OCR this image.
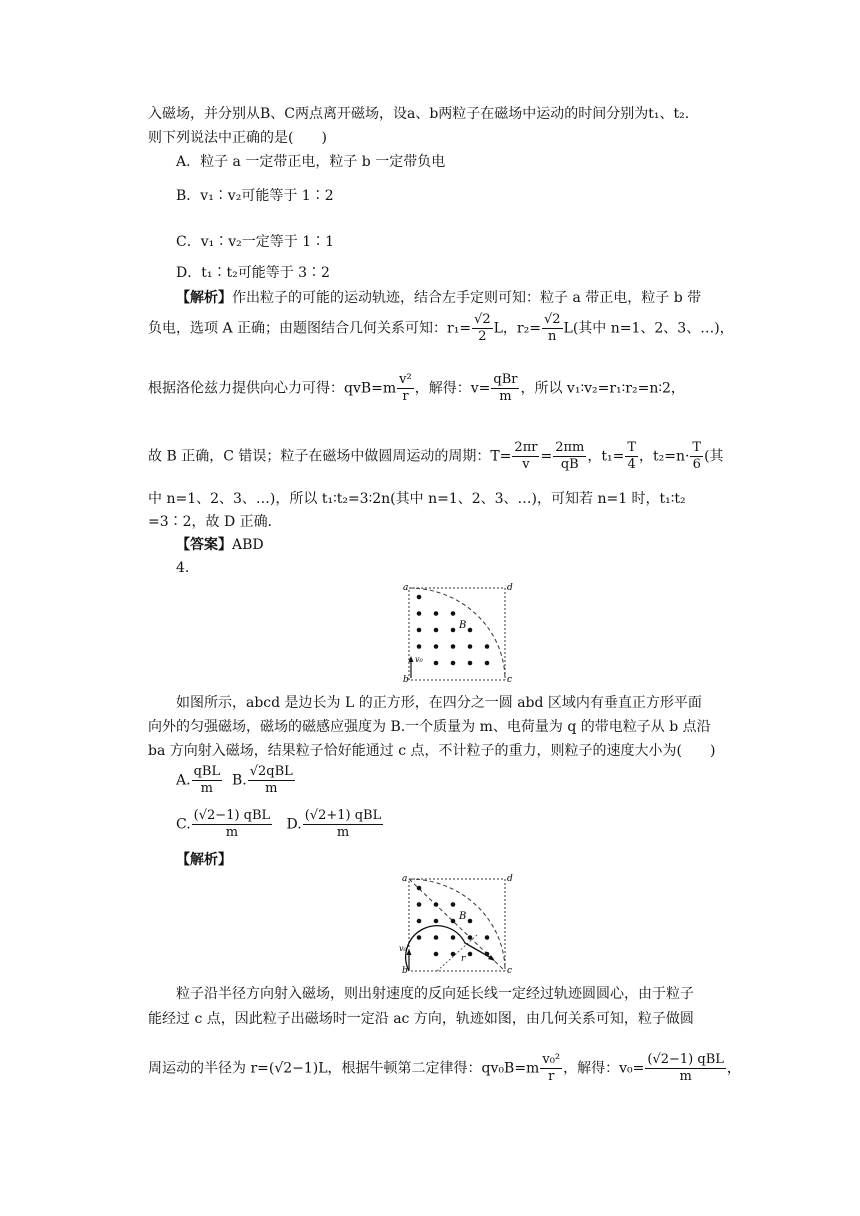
入磁场，并分别从B、C两点离开磁场，设a、b两粒子在磁场中运动的时间分别为t₁、t₂.
则下列说法中正确的是(　　)
A．粒子 a 一定带正电，粒子 b 一定带负电
B．v₁∶v₂可能等于 1∶2
C．v₁∶v₂一定等于 1∶1
D．t₁∶t₂可能等于 3∶2
【解析】作出粒子的可能的运动轨迹，结合左手定则可知：粒子 a 带正电，粒子 b 带
负电，选项 A 正确；由题图结合几何关系可知：$r_1= \frac{√2}{2}$ L，$r_2= \frac{√2}{n} L$(其中 n=1、2、3、…)，
根据洛伦兹力提供向心力可得：$qvB=m \frac{\text{v²}}{r}$ ，解得：$v= \frac{\text{qBr}}{m}$ ，所以 v₁∶v₂=r₁∶r₂=n∶2，
故 B 正确，C 错误；粒子在磁场中做圆周运动的周期：$T= \frac{2\pi r}{v} = \frac{2\pi m}{qB}$ ，$t_1= \frac{T}{4}$ ，$t_2=n\cdot \frac{T}{6}$ (其
中 n=1、2、3、…)，所以 t₁∶t₂=3∶2n(其中 n=1、2、3、…)，可知若 n=1 时，t₁∶t₂
=3∶2，故 D 正确．
【答案】ABD
4.
a
b	c
d
B
v₀
如图所示，abcd 是边长为 L 的正方形，在四分之一圆 abd 区域内有垂直正方形平面
向外的匀强磁场，磁场的磁感应强度为 B.一个质量为 m、电荷量为 q 的带电粒子从 b 点沿
ba 方向射入磁场，结果粒子恰好能通过 c 点，不计粒子的重力，则粒子的速度大小为(　　)
A. $\frac{\text{qBL}}{m} B$. $\frac{\text{√2qBL}}{m}$
C. $\frac{\text{(√2−1) qBL}}{m} D$. $\frac{\text{(√2+1) qBL}}{m}$
【解析】
a
b	c
d
B
v₀
r
粒子沿半径方向射入磁场，则出射速度的反向延长线一定经过轨迹圆圆心，由于粒子
能经过 c 点，因此粒子出磁场时一定沿 ac 方向，轨迹如图，由几何关系可知，粒子做圆
周运动的半径为 r=(√2−1)L，根据牛顿第二定律得：$qv_0B=m \frac{\text{v₀²}}{r}$ ，解得：$v_0= \frac{\text{(√2−1) qBL}}{m}$ ，
